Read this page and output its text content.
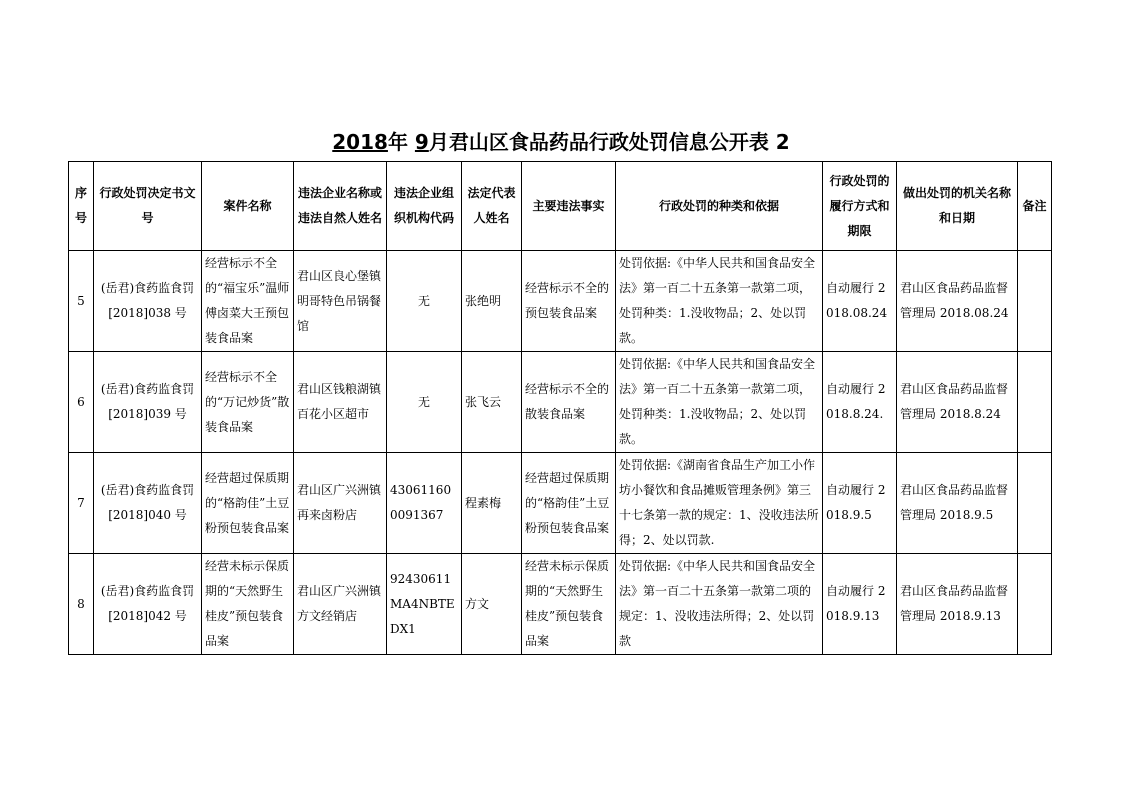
2018年 9月君山区食品药品行政处罚信息公开表 2
序号	行政处罚决定书文号	案件名称	违法企业名称或违法自然人姓名	违法企业组织机构代码	法定代表人姓名	主要违法事实	行政处罚的种类和依据	行政处罚的履行方式和期限	做出处罚的机关名称和日期	备注
5	(岳君)食药监食罚[2018]038 号	经营标示不全的“福宝乐”温师傅卤菜大王预包装食品案	君山区良心堡镇明哥特色吊锅餐馆	无	张绝明	经营标示不全的预包装食品案	处罚依据:《中华人民共和国食品安全法》第一百二十五条第一款第二项，处罚种类：1.没收物品；2、处以罚款。	自动履行 2018.08.24	君山区食品药品监督管理局 2018.08.24	
6	(岳君)食药监食罚[2018]039 号	经营标示不全的“万记炒货”散装食品案	君山区钱粮湖镇百花小区超市	无	张飞云	经营标示不全的散装食品案	处罚依据:《中华人民共和国食品安全法》第一百二十五条第一款第二项，处罚种类：1.没收物品；2、处以罚款。	自动履行 2018.8.24.	君山区食品药品监督管理局 2018.8.24	
7	(岳君)食药监食罚[2018]040 号	经营超过保质期的“格韵佳”土豆粉预包装食品案	君山区广兴洲镇再来卤粉店	430611600091367	程素梅	经营超过保质期的“格韵佳”土豆粉预包装食品案	处罚依据:《湖南省食品生产加工小作坊小餐饮和食品摊贩管理条例》第三十七条第一款的规定：1、没收违法所得；2、处以罚款.	自动履行 2018.9.5	君山区食品药品监督管理局 2018.9.5	
8	(岳君)食药监食罚[2018]042 号	经营未标示保质期的“天然野生桂皮”预包装食品案	君山区广兴洲镇方文经销店	92430611MA4NBTEDX1	方文	经营未标示保质期的“天然野生桂皮”预包装食品案	处罚依据:《中华人民共和国食品安全法》第一百二十五条第一款第二项的规定：1、没收违法所得；2、处以罚款	自动履行 2018.9.13	君山区食品药品监督管理局 2018.9.13	
